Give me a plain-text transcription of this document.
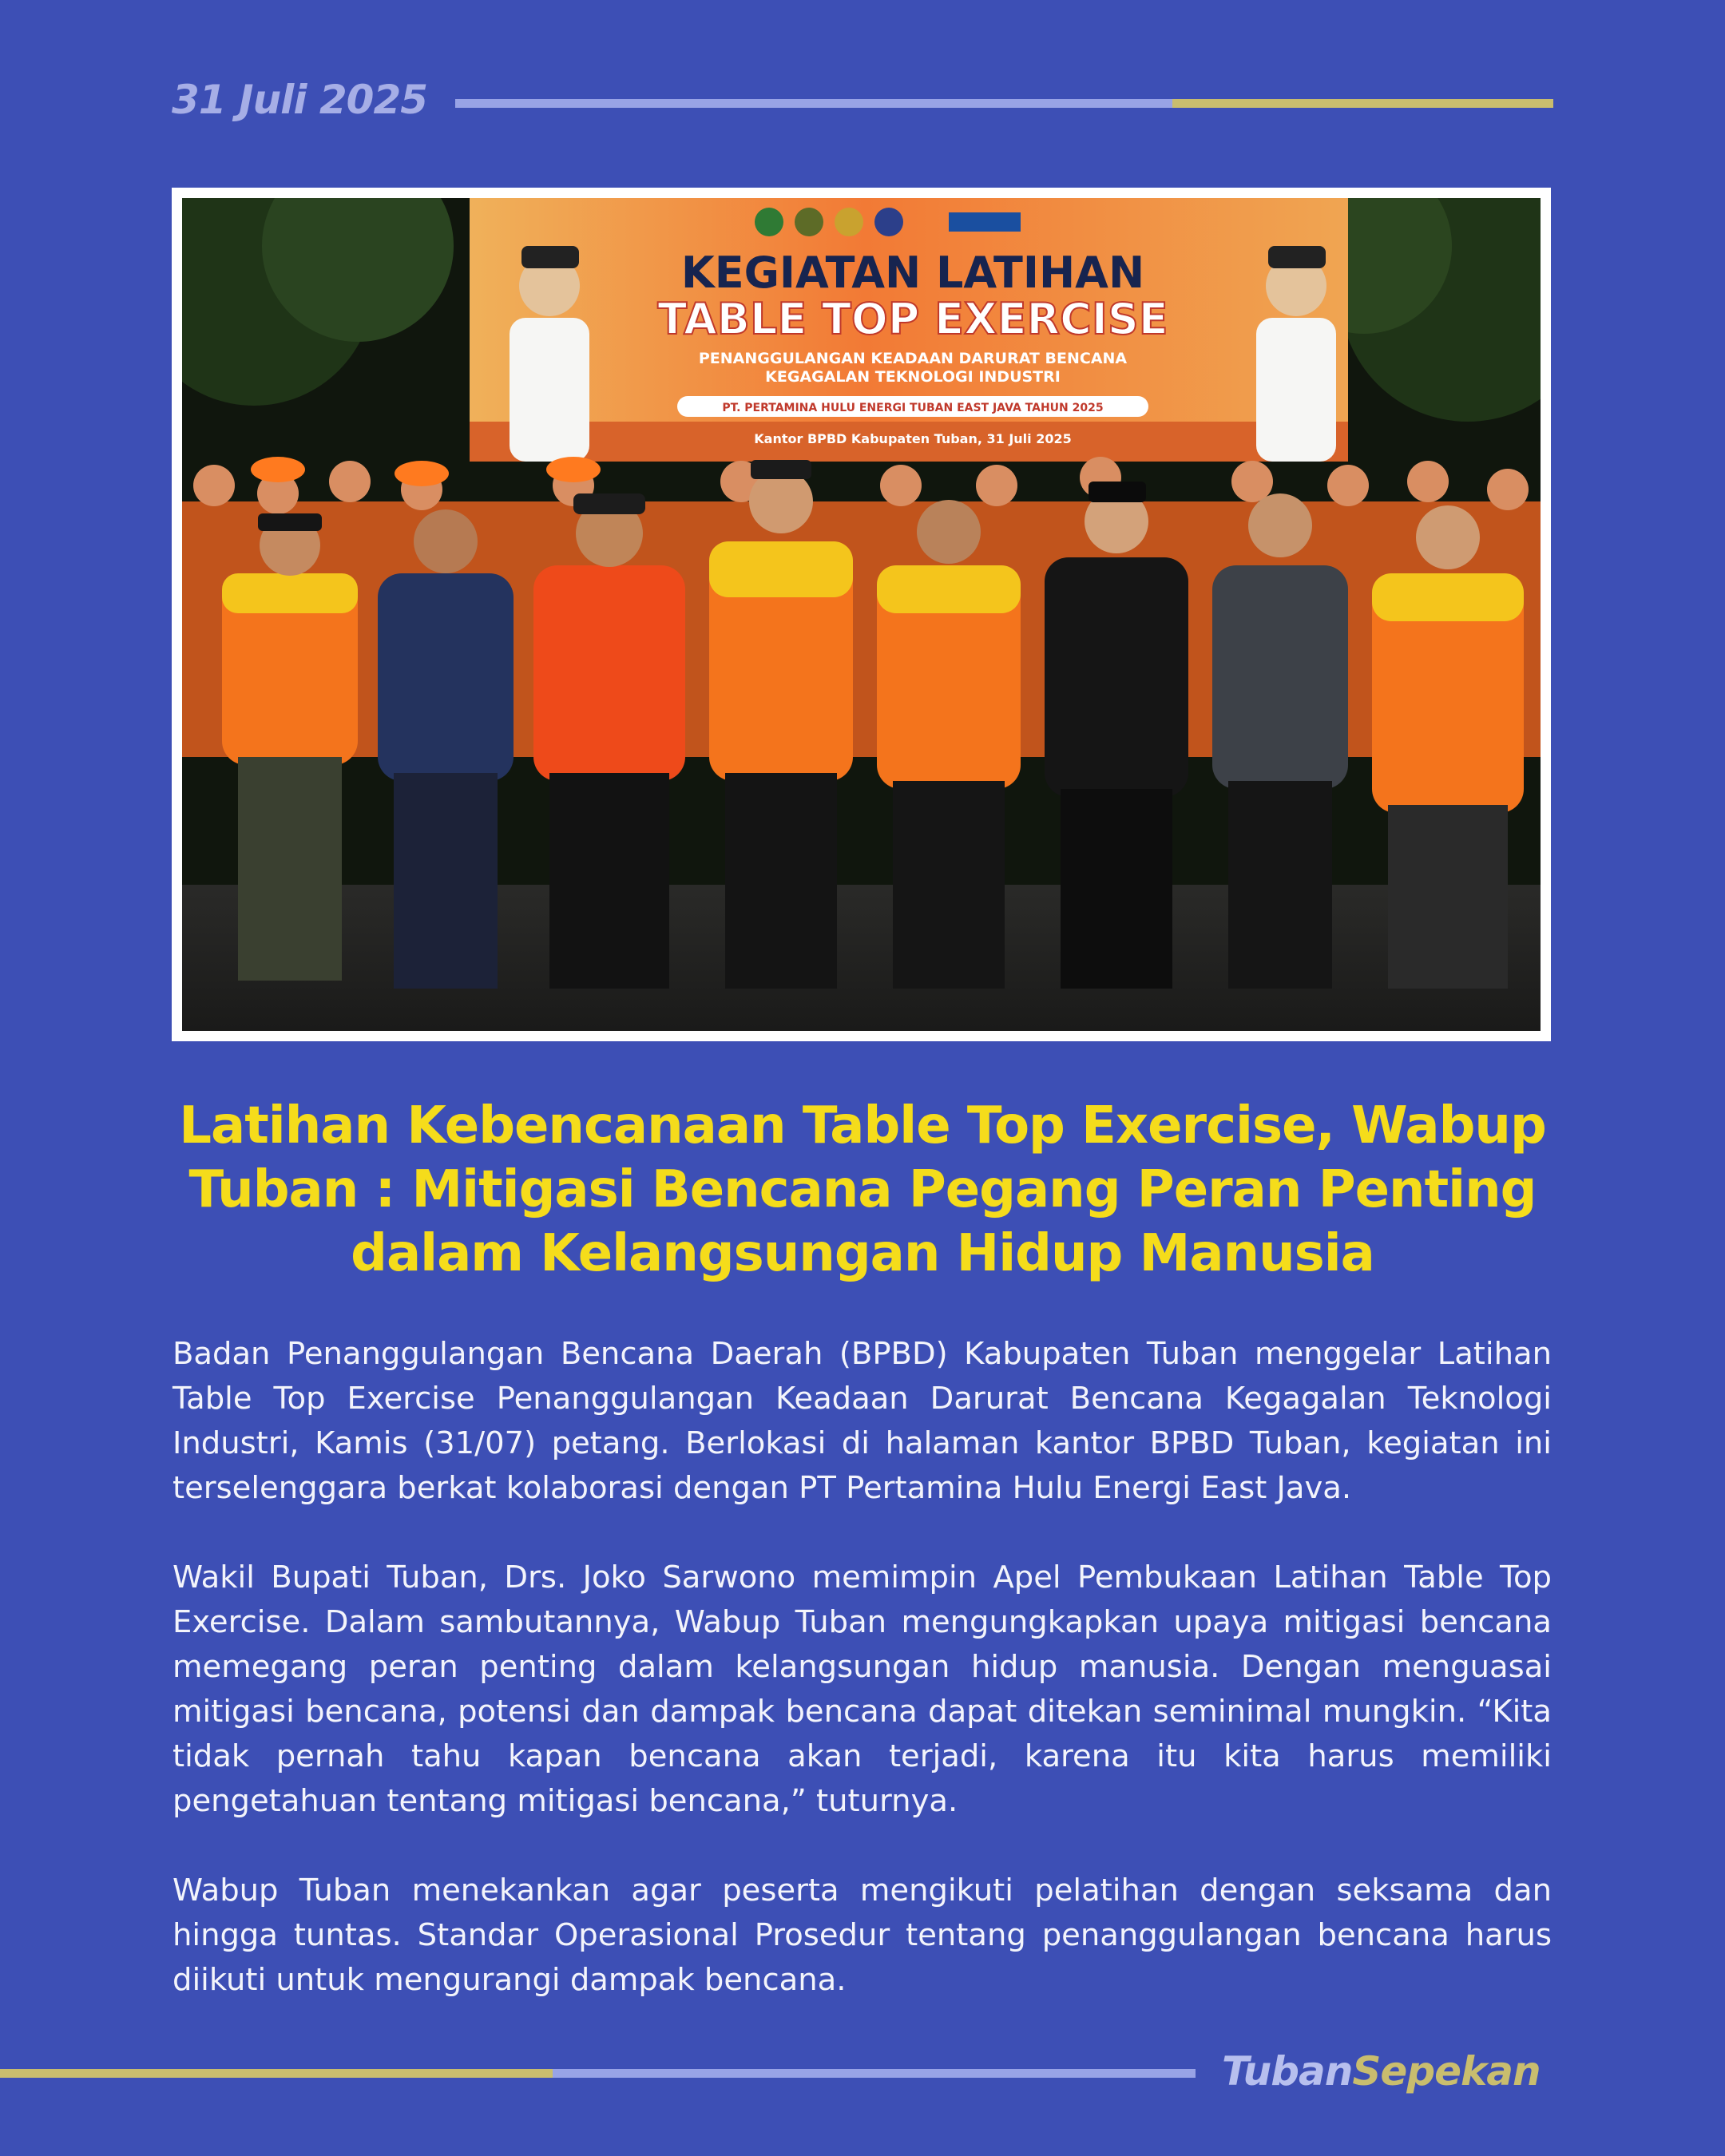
31 Juli 2025
KEGIATAN LATIHAN
TABLE TOP EXERCISE
PENANGGULANGAN KEADAAN DARURAT BENCANA
KEGAGALAN TEKNOLOGI INDUSTRI
PT. PERTAMINA HULU ENERGI TUBAN EAST JAVA TAHUN 2025
Kantor BPBD Kabupaten Tuban, 31 Juli 2025
Latihan Kebencanaan Table Top Exercise, Wabup Tuban : Mitigasi Bencana Pegang Peran Penting dalam Kelangsungan Hidup Manusia

Badan Penanggulangan Bencana Daerah (BPBD) Kabupaten Tuban menggelar Latihan Table Top Exercise Penanggulangan Keadaan Darurat Bencana Kegagalan Teknologi Industri, Kamis (31/07) petang. Berlokasi di halaman kantor BPBD Tuban, kegiatan ini terselenggara berkat kolaborasi dengan PT Pertamina Hulu Energi East Java.

Wakil Bupati Tuban, Drs. Joko Sarwono memimpin Apel Pembukaan Latihan Table Top Exercise. Dalam sambutannya, Wabup Tuban mengungkapkan upaya mitigasi bencana memegang peran penting dalam kelangsungan hidup manusia. Dengan menguasai mitigasi bencana, potensi dan dampak bencana dapat ditekan seminimal mungkin. “Kita tidak pernah tahu kapan bencana akan terjadi, karena itu kita harus memiliki pengetahuan tentang mitigasi bencana,” tuturnya.

Wabup Tuban menekankan agar peserta mengikuti pelatihan dengan seksama dan hingga tuntas. Standar Operasional Prosedur tentang penanggulangan bencana harus diikuti untuk mengurangi dampak bencana.

TubanSepekan
